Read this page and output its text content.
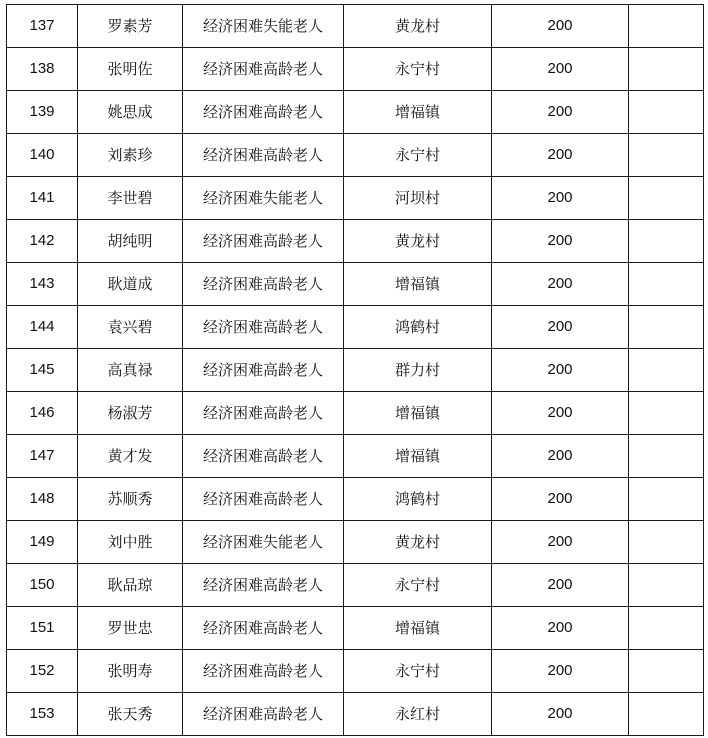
137	罗素芳	经济困难失能老人	黄龙村	200	
138	张明佐	经济困难高龄老人	永宁村	200	
139	姚思成	经济困难高龄老人	增福镇	200	
140	刘素珍	经济困难高龄老人	永宁村	200	
141	李世碧	经济困难失能老人	河坝村	200	
142	胡纯明	经济困难高龄老人	黄龙村	200	
143	耿道成	经济困难高龄老人	增福镇	200	
144	袁兴碧	经济困难高龄老人	鸿鹤村	200	
145	高真禄	经济困难高龄老人	群力村	200	
146	杨淑芳	经济困难高龄老人	增福镇	200	
147	黄才发	经济困难高龄老人	增福镇	200	
148	苏顺秀	经济困难高龄老人	鸿鹤村	200	
149	刘中胜	经济困难失能老人	黄龙村	200	
150	耿品琼	经济困难高龄老人	永宁村	200	
151	罗世忠	经济困难高龄老人	增福镇	200	
152	张明寿	经济困难高龄老人	永宁村	200	
153	张天秀	经济困难高龄老人	永红村	200	
